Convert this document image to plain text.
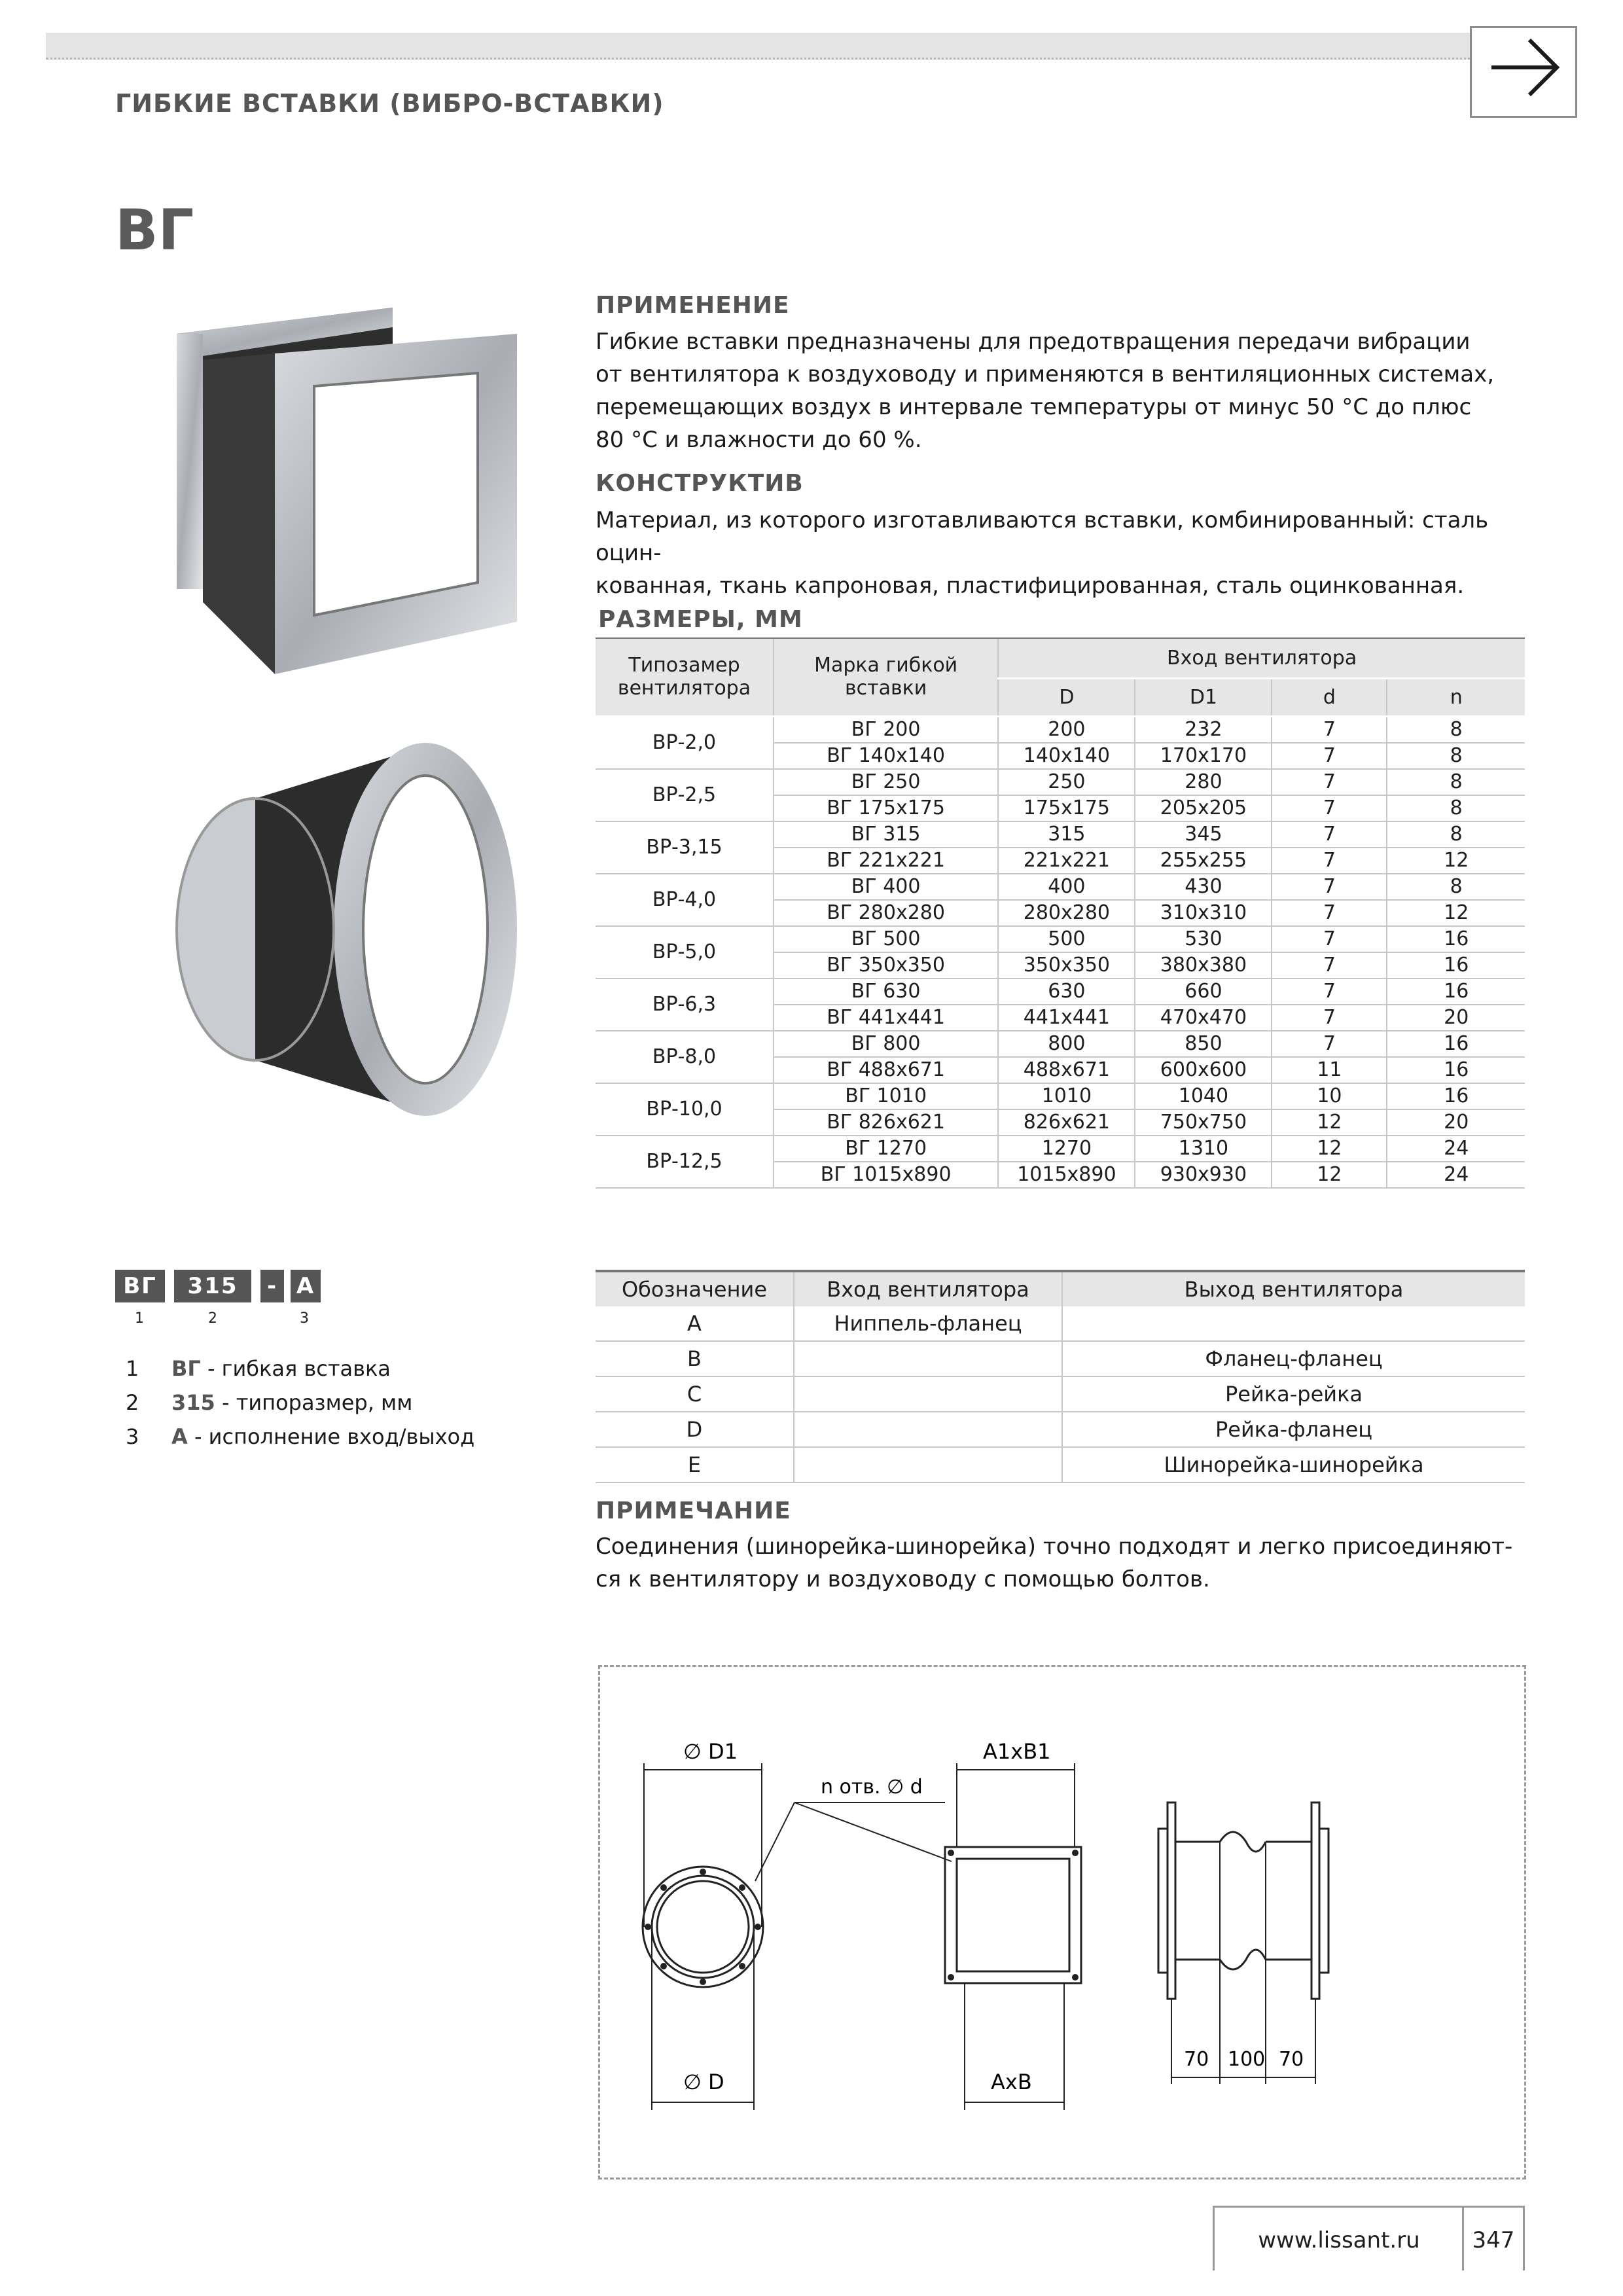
ГИБКИЕ ВСТАВКИ (ВИБРО-ВСТАВКИ)
ВГ
ПРИМЕНЕНИЕ
Гибкие вставки предназначены для предотвращения передачи вибрации
от вентилятора к воздуховоду и применяются в вентиляционных системах,
перемещающих воздух в интервале температуры от минус 50 °С до плюс
80 °С и влажности до 60 %.
КОНСТРУКТИВ
Материал, из которого изготавливаются вставки, комбинированный: сталь оцин-
кованная, ткань капроновая, пластифицированная, сталь оцинкованная.
РАЗМЕРЫ, ММ
Типозамер вентилятора	Марка гибкой вставки	Вход вентилятора			
		D	D1	d	n
ВР-2,0	ВГ 200	200	232	7	8
	ВГ 140х140	140х140	170х170	7	8
ВР-2,5	ВГ 250	250	280	7	8
	ВГ 175х175	175х175	205х205	7	8
ВР-3,15	ВГ 315	315	345	7	8
	ВГ 221х221	221х221	255х255	7	12
ВР-4,0	ВГ 400	400	430	7	8
	ВГ 280х280	280х280	310х310	7	12
ВР-5,0	ВГ 500	500	530	7	16
	ВГ 350х350	350х350	380х380	7	16
ВР-6,3	ВГ 630	630	660	7	16
	ВГ 441х441	441х441	470х470	7	20
ВР-8,0	ВГ 800	800	850	7	16
	ВГ 488х671	488х671	600х600	11	16
ВР-10,0	ВГ 1010	1010	1040	10	16
	ВГ 826х621	826х621	750х750	12	20
ВР-12,5	ВГ 1270	1270	1310	12	24
	ВГ 1015х890	1015х890	930х930	12	24
ВГ	315	- А
1	2	3
1 ВГ - гибкая вставка
2 315 - типоразмер, мм
3 А - исполнение вход/выход
Обозначение	Вход вентилятора	Выход вентилятора
А	Ниппель-фланец	
В		Фланец-фланец
С		Рейка-рейка
D		Рейка-фланец
Е		Шинорейка-шинорейка
ПРИМЕЧАНИЕ
Соединения (шинорейка-шинорейка) точно подходят и легко присоединяют-
ся к вентилятору и воздуховоду с помощью болтов.
∅ D1
n отв. ∅ d
А1хВ1
∅ D	АхВ
70 100 70
www.lissant.ru	347
